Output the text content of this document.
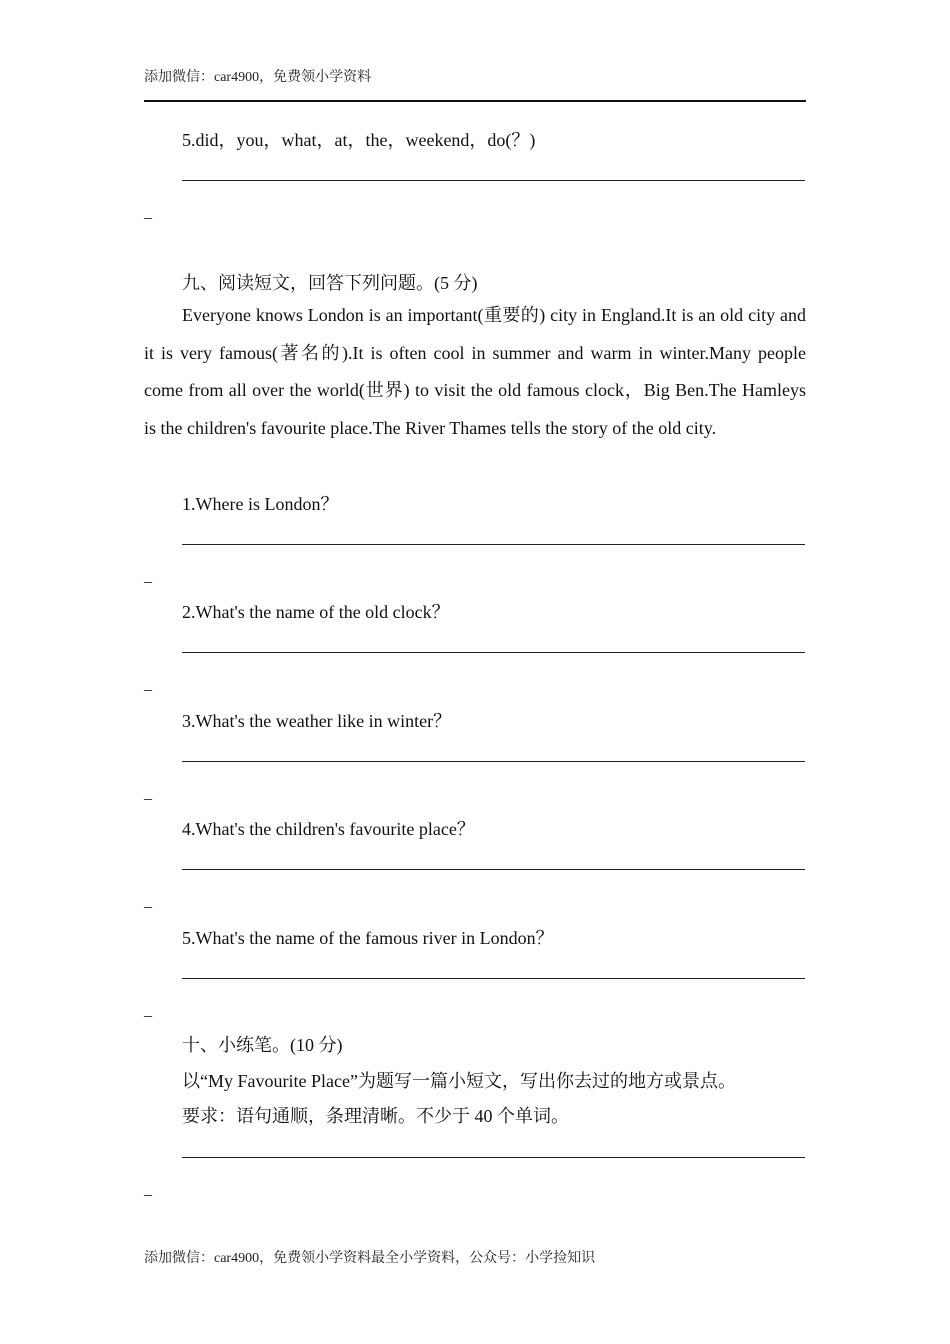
添加微信：car4900，免费领小学资料
5.did，you，what，at，the，weekend，do(？)
_
九、阅读短文，回答下列问题。(5 分)
Everyone knows London is an important(重要的) city in England.It is an old city and it is very famous(著名的).It is often cool in summer and warm in winter.Many people come from all over the world(世界) to visit the old famous clock，Big Ben.The Hamleys is the children's favourite place.The River Thames tells the story of the old city.
1.Where is London？
_
2.What's the name of the old clock？
_
3.What's the weather like in winter？
_
4.What's the children's favourite place？
_
5.What's the name of the famous river in London？
_
十、小练笔。(10 分)
以“My Favourite Place”为题写一篇小短文，写出你去过的地方或景点。
要求：语句通顺，条理清晰。不少于 40 个单词。
_
添加微信：car4900，免费领小学资料最全小学资料，公众号：小学捡知识
